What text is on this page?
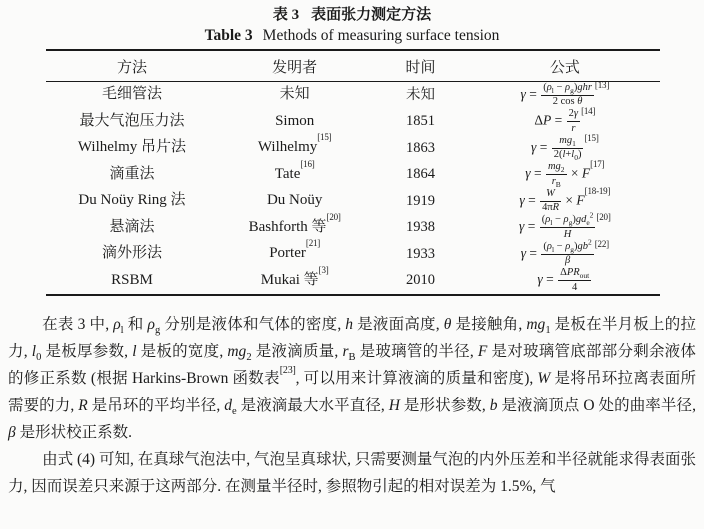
表 3 表面张力测定方法
Table 3 Methods of measuring surface tension
方法	发明者	时间	公式
毛细管法	未知	未知	$\gamma = \frac{(\rho_l - \rho_g)ghr}{\text{2 cos θ}} [13]$
最大气泡压力法	Simon	1851	$\Delta P = \frac{2\gamma}{r} [14]$
Wilhelmy 吊片法	Wilhelmy[15]	1863	$\gamma = \frac{mg_1}{2(l+l_0)} [15]$
滴重法	Tate[16]	1864	$\gamma = \frac{mg_2}{r_B} \times F[17]$
Du Noüy Ring 法	Du Noüy	1919	$\gamma = \frac{W}{4\pi R} \times F[18-19]$
悬滴法	Bashforth 等[20]	1938	$\gamma = \frac{(\rho_l - \rho_g)gd_e^2}{H} [20]$
滴外形法	Porter[21]	1933	$\gamma = \frac{(\rho_l - \rho_g)gb^2}{\beta} [22]$
RSBM	Mukai 等[3]	2010	$\gamma = \frac{\Delta PR_{out}}{4}$

在表 3 中, $\rho_l$ 和 $\rho_g$ 分别是液体和气体的密度, h 是液面高度, θ 是接触角, $mg_1$ 是板在半月板上的拉力, $l_0$ 是板厚参数, l 是板的宽度, $mg_2$ 是液滴质量, $r_B$ 是玻璃管的半径, F 是对玻璃管底部部分剩余液体的修正系数 (根据 Harkins-Brown 函数表[23], 可以用来计算液滴的质量和密度), W 是将吊环拉离表面所需要的力, R 是吊环的平均半径, $d_e$ 是液滴最大水平直径, H 是形状参数, b 是液滴顶点 O 处的曲率半径, β 是形状校正系数.

由式 (4) 可知, 在真球气泡法中, 气泡呈真球状, 只需要测量气泡的内外压差和半径就能求得表面张力, 因而误差只来源于这两部分. 在测量半径时, 参照物引起的相对误差为 1.5%, 气
